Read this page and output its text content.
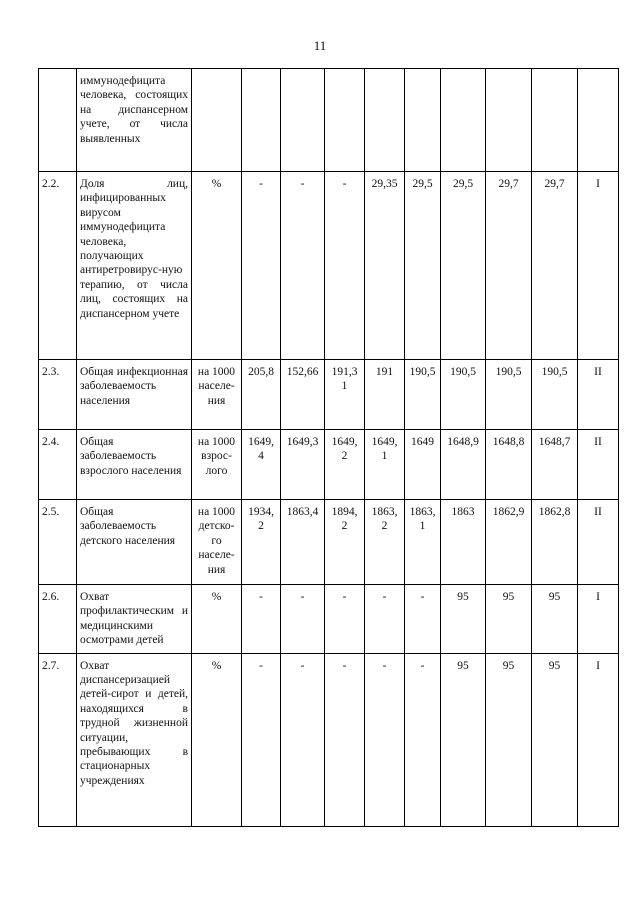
11
	иммунодефицита человека, состоящих на диспансерном учете, от числа выявленных										
2.2.	Доля лиц, инфицированных вирусом иммунодефицита человека, получающих антиретровирус-ную терапию, от числа лиц, состоящих на диспансерном учете	%	-	-	-	29,35	29,5	29,5	29,7	29,7	I
2.3.	Общая инфекционная заболеваемость населения	на 1000 населе-ния	205,8	152,66	191,3 1	191	190,5	190,5	190,5	190,5	II
2.4.	Общая заболеваемость взрослого населения	на 1000 взрос-лого	1649, 4	1649,3	1649, 2	1649, 1	1649	1648,9	1648,8	1648,7	II
2.5.	Общая заболеваемость детского населения	на 1000 детско-го населе-ния	1934, 2	1863,4	1894, 2	1863, 2	1863, 1	1863	1862,9	1862,8	II
2.6.	Охват профилактическим и медицинскими осмотрами детей	%	-	-	-	-	-	95	95	95	I
2.7.	Охват диспансеризацией детей-сирот и детей, находящихся в трудной жизненной ситуации, пребывающих в стационарных учреждениях	%	-	-	-	-	-	95	95	95	I
